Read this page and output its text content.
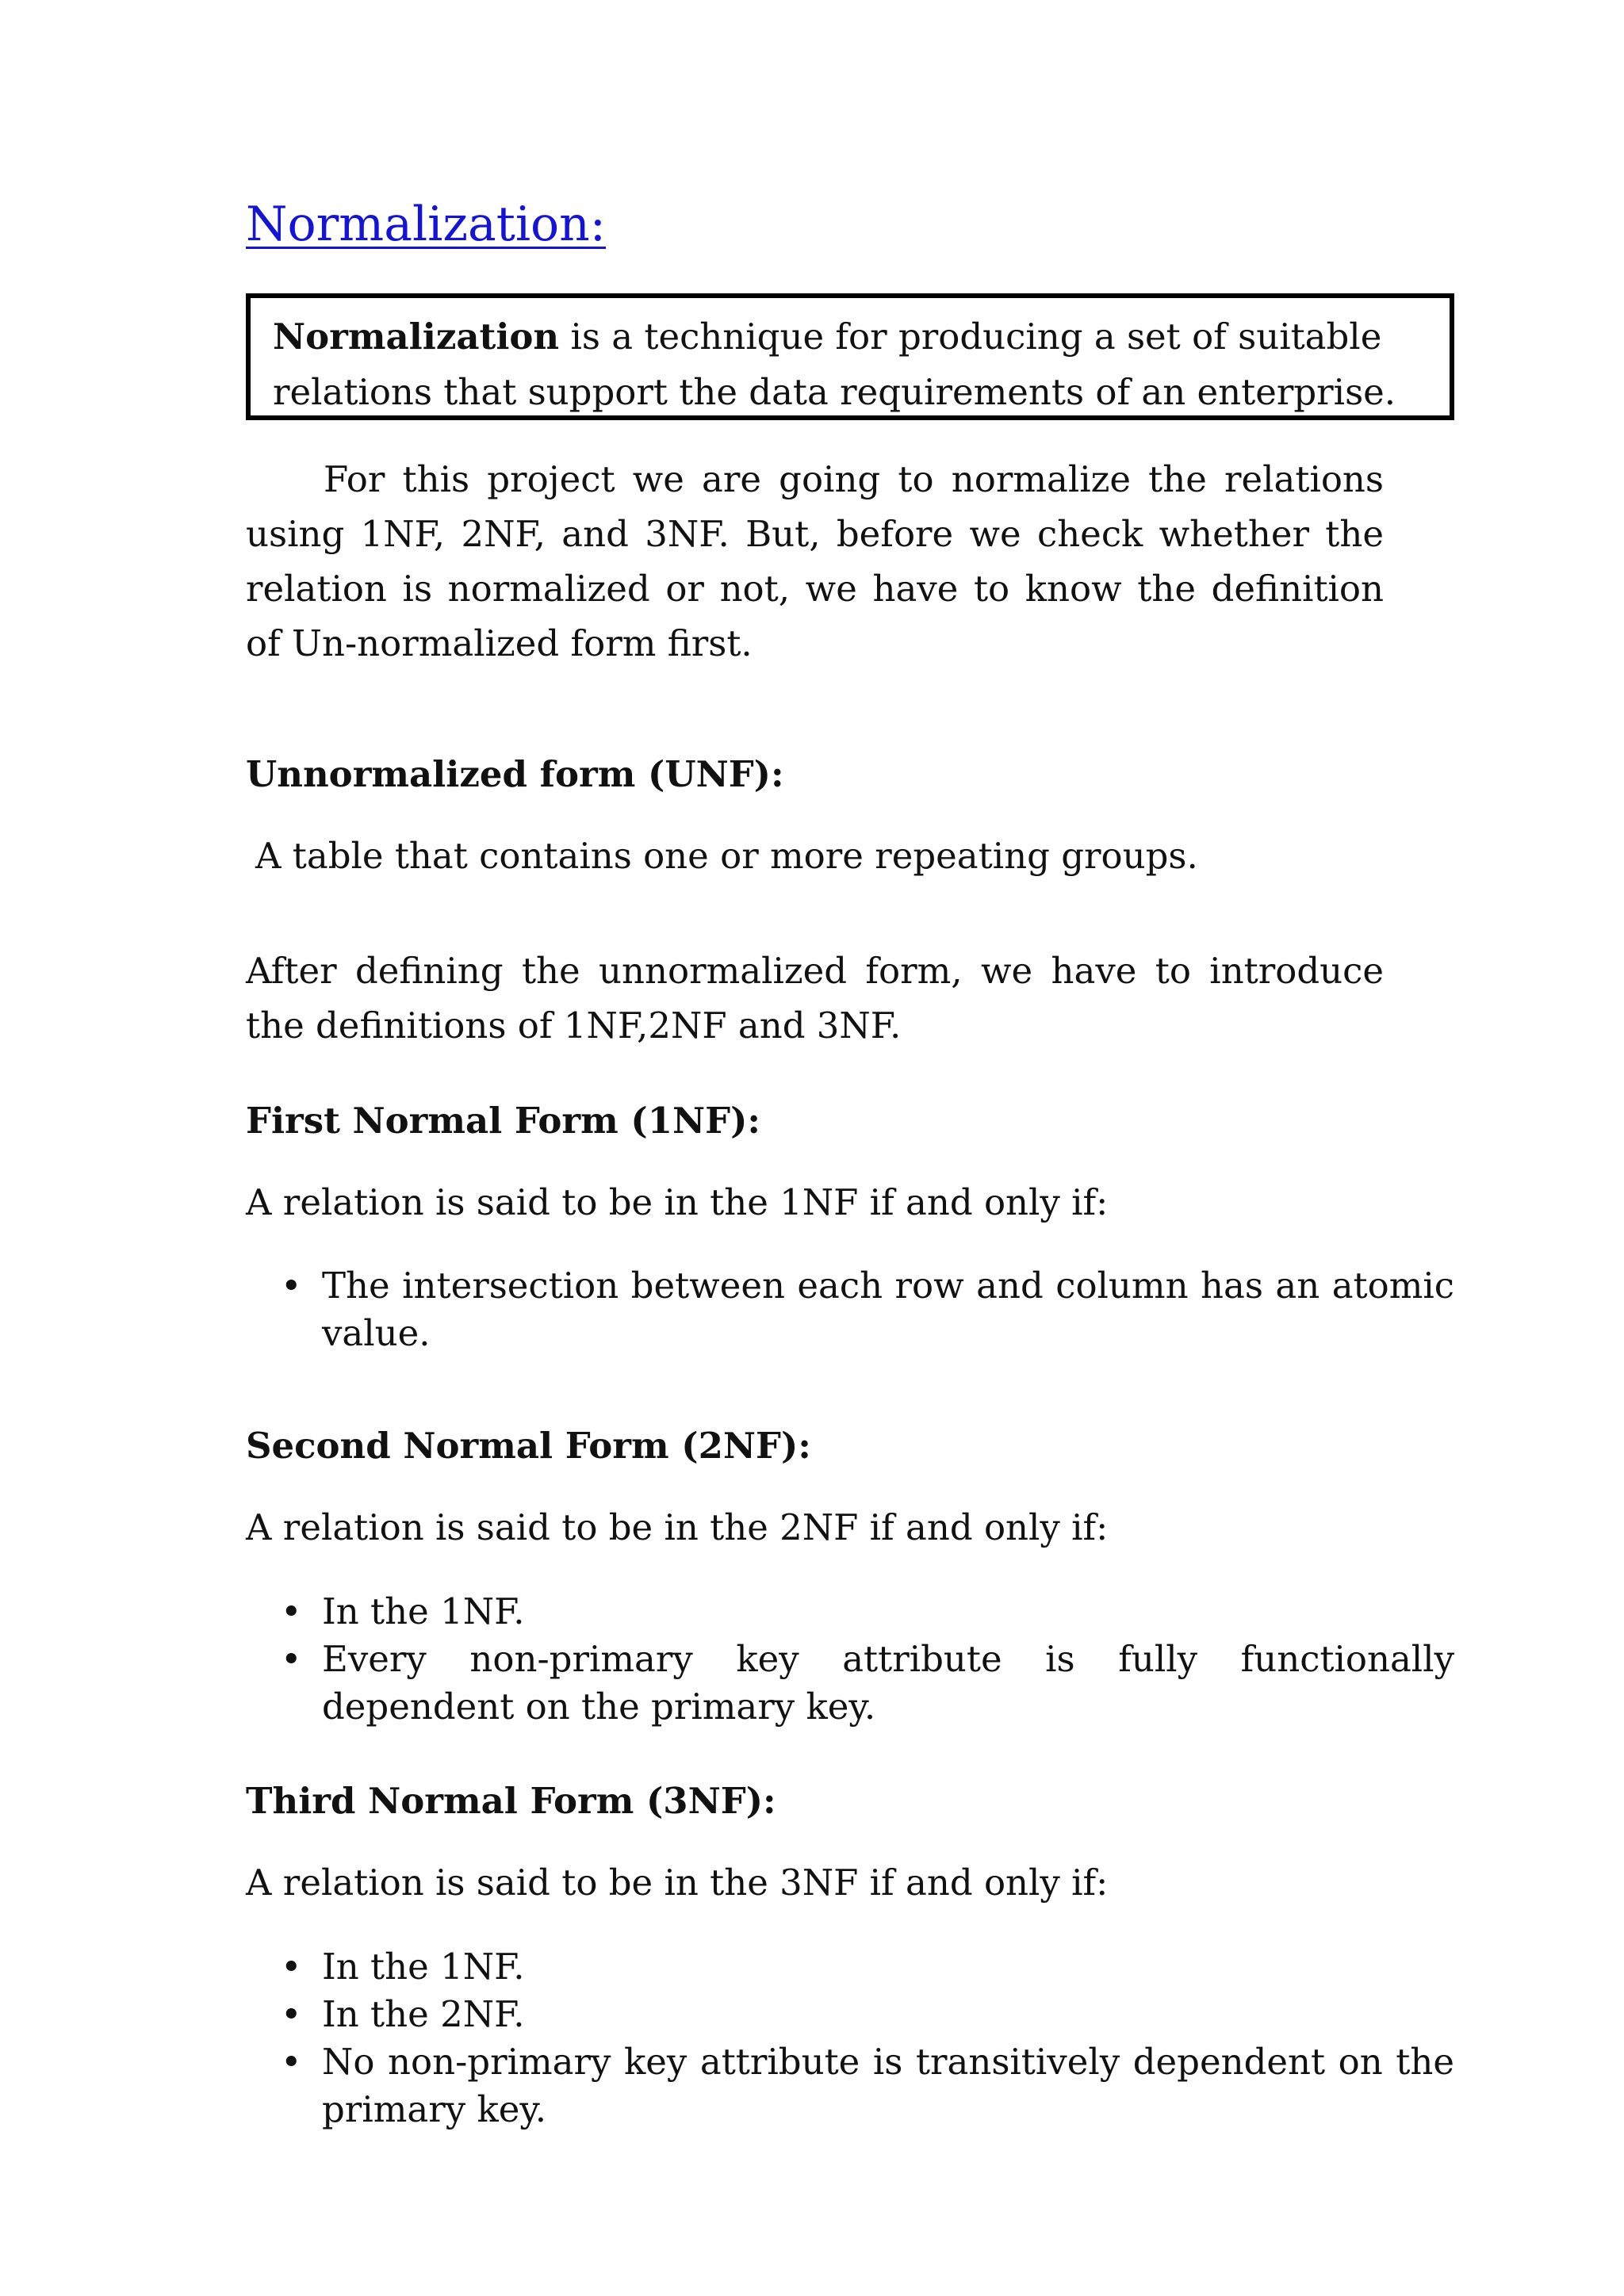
Normalization:
Normalization is a technique for producing a set of suitable relations that support the data requirements of an enterprise.

For this project we are going to normalize the relations using 1NF, 2NF, and 3NF. But, before we check whether the relation is normalized or not, we have to know the definition of Un-normalized form first.

Unnormalized form (UNF):

A table that contains one or more repeating groups.

After defining the unnormalized form, we have to introduce the definitions of 1NF,2NF and 3NF.

First Normal Form (1NF):

A relation is said to be in the 1NF if and only if:

• The intersection between each row and column has an atomic value.
Second Normal Form (2NF):

A relation is said to be in the 2NF if and only if:

• In the 1NF.
• Every non-primary key attribute is fully functionally dependent on the primary key.
Third Normal Form (3NF):

A relation is said to be in the 3NF if and only if:

• In the 1NF.
• In the 2NF.
• No non-primary key attribute is transitively dependent on the primary key.
